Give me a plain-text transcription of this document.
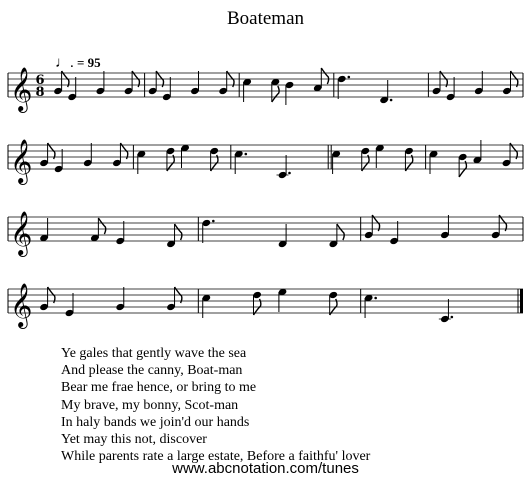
Boateman
♩. = 95
𝄞 6
8
𝄞
𝄞
𝄞
Ye gales that gently wave the sea
And please the canny, Boat-man
Bear me frae hence, or bring to me
My brave, my bonny, Scot-man
In haly bands we join'd our hands
Yet may this not, discover
While parents rate a large estate, Before a faithfu' lover
www.abcnotation.com/tunes
